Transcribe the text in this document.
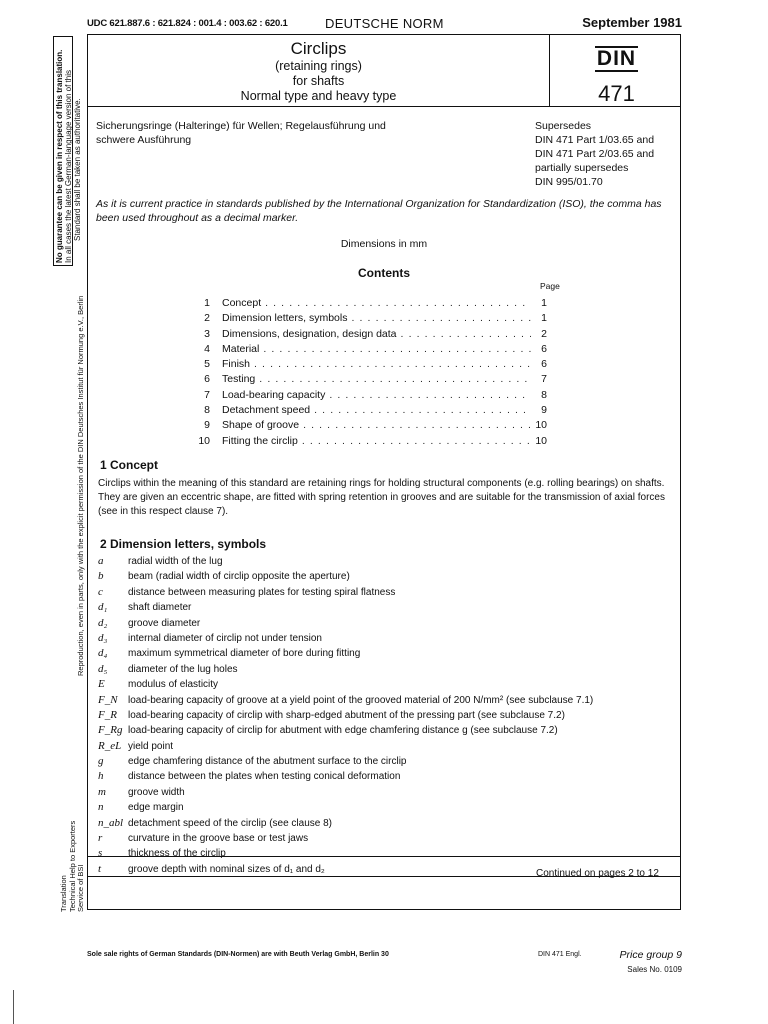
UDC 621.887.6 : 621.824 : 001.4 : 003.62 : 620.1	DEUTSCHE NORM	September 1981
No guarantee can be given in respect of this translation. In all cases the latest German-language version of this Standard shall be taken as authoritative.
Reproduction, even in parts, only with the explicit permission of the DIN Deutsches Institut für Normung e.V., Berlin
Translation Technical Help to Exporters Service of BSI
Circlips
(retaining rings)
for shafts
Normal type and heavy type
DIN
471
Sicherungsringe (Halteringe) für Wellen; Regelausführung und schwere Ausführung
Supersedes
DIN 471 Part 1/03.65 and
DIN 471 Part 2/03.65 and
partially supersedes
DIN 995/01.70
As it is current practice in standards published by the International Organization for Standardization (ISO), the comma has been used throughout as a decimal marker.
Dimensions in mm
Contents
Page
1	Concept . . .	1
2	Dimension letters, symbols . . .	1
3	Dimensions, designation, design data . . .	2
4	Material . . .	6
5	Finish . . .	6
6	Testing . . .	7
7	Load-bearing capacity . . .	8
8	Detachment speed . . .	9
9	Shape of groove . . .	10
10	Fitting the circlip . . .	10
1 Concept
Circlips within the meaning of this standard are retaining rings for holding structural components (e.g. rolling bearings) on shafts. They are given an eccentric shape, are fitted with spring retention in grooves and are suitable for the transmission of axial forces (see in this respect clause 7).
2 Dimension letters, symbols
a	radial width of the lug
b	beam (radial width of circlip opposite the aperture)
c	distance between measuring plates for testing spiral flatness
d₁	shaft diameter
d₂	groove diameter
d₃	internal diameter of circlip not under tension
d₄	maximum symmetrical diameter of bore during fitting
d₅	diameter of the lug holes
E	modulus of elasticity
F_N	load-bearing capacity of groove at a yield point of the grooved material of 200 N/mm² (see subclause 7.1)
F_R	load-bearing capacity of circlip with sharp-edged abutment of the pressing part (see subclause 7.2)
F_Rg load-bearing capacity of circlip for abutment with edge chamfering distance g (see subclause 7.2)
R_eL yield point
g	edge chamfering distance of the abutment surface to the circlip
h	distance between the plates when testing conical deformation
m	groove width
n	edge margin
n_abl detachment speed of the circlip (see clause 8)
r	curvature in the groove base or test jaws
s	thickness of the circlip
t	groove depth with nominal sizes of d₁ and d₂	Continued on pages 2 to 12
Sole sale rights of German Standards (DIN-Normen) are with Beuth Verlag GmbH, Berlin 30	DIN 471 Engl.	Price group 9
Sales No. 0109
